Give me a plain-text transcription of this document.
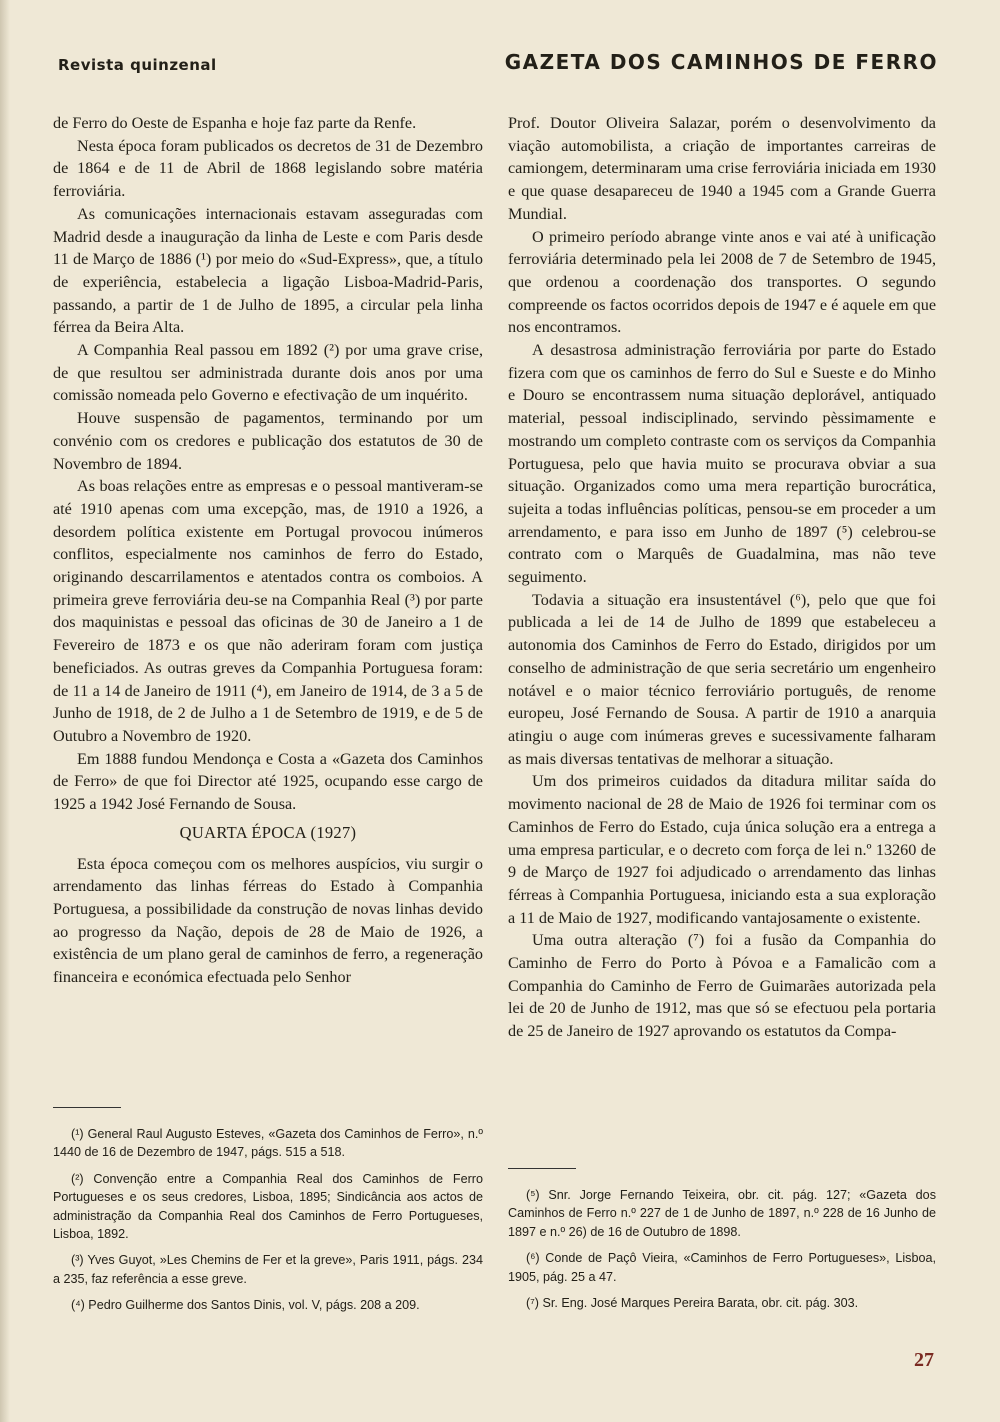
Revista quinzenal	GAZETA DOS CAMINHOS DE FERRO

de Ferro do Oeste de Espanha e hoje faz parte da Renfe.

Nesta época foram publicados os decretos de 31 de Dezembro de 1864 e de 11 de Abril de 1868 legislando sobre matéria ferroviária.

As comunicações internacionais estavam asseguradas com Madrid desde a inauguração da linha de Leste e com Paris desde 11 de Março de 1886 (¹) por meio do «Sud-Express», que, a título de experiência, estabelecia a ligação Lisboa-Madrid-Paris, passando, a partir de 1 de Julho de 1895, a circular pela linha férrea da Beira Alta.

A Companhia Real passou em 1892 (²) por uma grave crise, de que resultou ser administrada durante dois anos por uma comissão nomeada pelo Governo e efectivação de um inquérito.

Houve suspensão de pagamentos, terminando por um convénio com os credores e publicação dos estatutos de 30 de Novembro de 1894.

As boas relações entre as empresas e o pessoal mantiveram-se até 1910 apenas com uma excepção, mas, de 1910 a 1926, a desordem política existente em Portugal provocou inúmeros conflitos, especialmente nos caminhos de ferro do Estado, originando descarrilamentos e atentados contra os comboios. A primeira greve ferroviária deu-se na Companhia Real (³) por parte dos maquinistas e pessoal das oficinas de 30 de Janeiro a 1 de Fevereiro de 1873 e os que não aderiram foram com justiça beneficiados. As outras greves da Companhia Portuguesa foram: de 11 a 14 de Janeiro de 1911 (⁴), em Janeiro de 1914, de 3 a 5 de Junho de 1918, de 2 de Julho a 1 de Setembro de 1919, e de 5 de Outubro a Novembro de 1920.

Em 1888 fundou Mendonça e Costa a «Gazeta dos Caminhos de Ferro» de que foi Director até 1925, ocupando esse cargo de 1925 a 1942 José Fernando de Sousa.

QUARTA ÉPOCA (1927)

Esta época começou com os melhores auspícios, viu surgir o arrendamento das linhas férreas do Estado à Companhia Portuguesa, a possibilidade da construção de novas linhas devido ao progresso da Nação, depois de 28 de Maio de 1926, a existência de um plano geral de caminhos de ferro, a regeneração financeira e económica efectuada pelo Senhor

Prof. Doutor Oliveira Salazar, porém o desenvolvimento da viação automobilista, a criação de importantes carreiras de camiongem, determinaram uma crise ferroviária iniciada em 1930 e que quase desapareceu de 1940 a 1945 com a Grande Guerra Mundial.

O primeiro período abrange vinte anos e vai até à unificação ferroviária determinado pela lei 2008 de 7 de Setembro de 1945, que ordenou a coordenação dos transportes. O segundo compreende os factos ocorridos depois de 1947 e é aquele em que nos encontramos.

A desastrosa administração ferroviária por parte do Estado fizera com que os caminhos de ferro do Sul e Sueste e do Minho e Douro se encontrassem numa situação deplorável, antiquado material, pessoal indisciplinado, servindo pèssimamente e mostrando um completo contraste com os serviços da Companhia Portuguesa, pelo que havia muito se procurava obviar a sua situação. Organizados como uma mera repartição burocrática, sujeita a todas influências políticas, pensou-se em proceder a um arrendamento, e para isso em Junho de 1897 (⁵) celebrou-se contrato com o Marquês de Guadalmina, mas não teve seguimento.

Todavia a situação era insustentável (⁶), pelo que que foi publicada a lei de 14 de Julho de 1899 que estabeleceu a autonomia dos Caminhos de Ferro do Estado, dirigidos por um conselho de administração de que seria secretário um engenheiro notável e o maior técnico ferroviário português, de renome europeu, José Fernando de Sousa. A partir de 1910 a anarquia atingiu o auge com inúmeras greves e sucessivamente falharam as mais diversas tentativas de melhorar a situação.

Um dos primeiros cuidados da ditadura militar saída do movimento nacional de 28 de Maio de 1926 foi terminar com os Caminhos de Ferro do Estado, cuja única solução era a entrega a uma empresa particular, e o decreto com força de lei n.º 13260 de 9 de Março de 1927 foi adjudicado o arrendamento das linhas férreas à Companhia Portuguesa, iniciando esta a sua exploração a 11 de Maio de 1927, modificando vantajosamente o existente.

Uma outra alteração (⁷) foi a fusão da Companhia do Caminho de Ferro do Porto à Póvoa e a Famalicão com a Companhia do Caminho de Ferro de Guimarães autorizada pela lei de 20 de Junho de 1912, mas que só se efectuou pela portaria de 25 de Janeiro de 1927 aprovando os estatutos da Compa-

(¹) General Raul Augusto Esteves, «Gazeta dos Caminhos de Ferro», n.º 1440 de 16 de Dezembro de 1947, págs. 515 a 518.

(²) Convenção entre a Companhia Real dos Caminhos de Ferro Portugueses e os seus credores, Lisboa, 1895; Sindicância aos actos de administração da Companhia Real dos Caminhos de Ferro Portugueses, Lisboa, 1892.

(³) Yves Guyot, »Les Chemins de Fer et la greve», Paris 1911, págs. 234 a 235, faz referência a esse greve.

(⁴) Pedro Guilherme dos Santos Dinis, vol. V, págs. 208 a 209.

(⁵) Snr. Jorge Fernando Teixeira, obr. cit. pág. 127; «Gazeta dos Caminhos de Ferro n.º 227 de 1 de Junho de 1897, n.º 228 de 16 Junho de 1897 e n.º 26) de 16 de Outubro de 1898.

(⁶) Conde de Paçô Vieira, «Caminhos de Ferro Portugueses», Lisboa, 1905, pág. 25 a 47.

(⁷) Sr. Eng. José Marques Pereira Barata, obr. cit. pág. 303.

27
